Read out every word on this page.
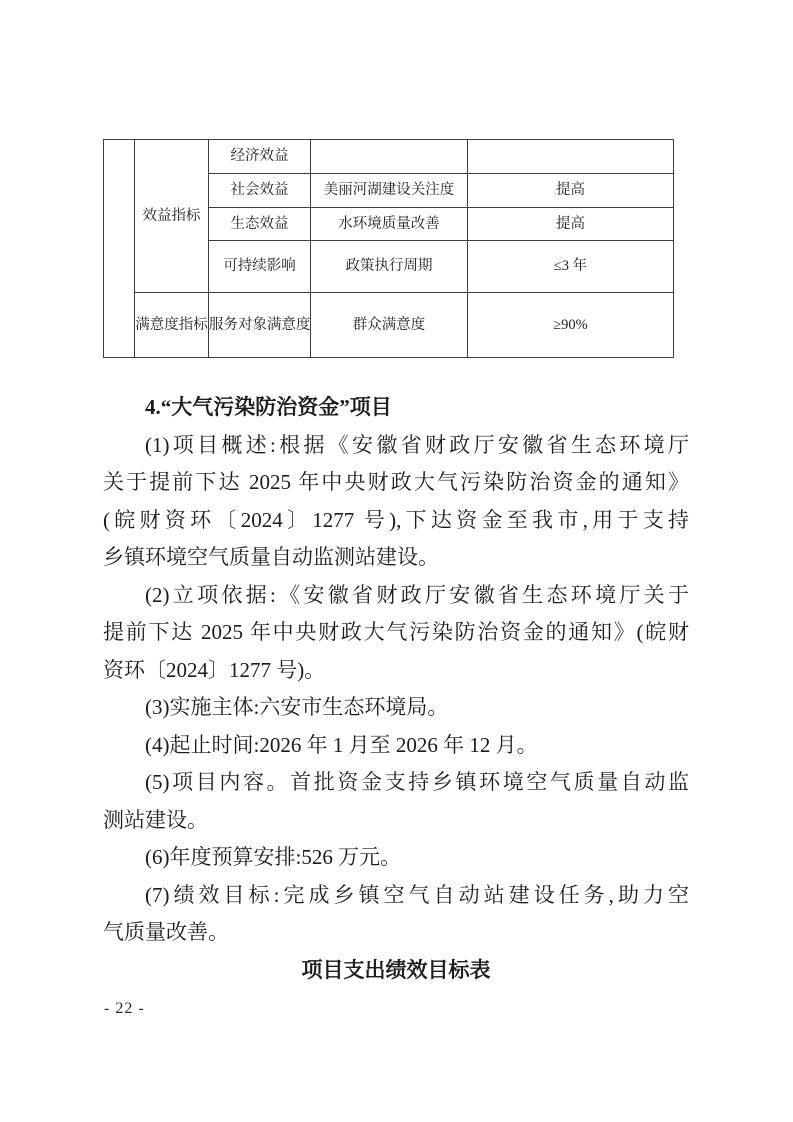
	效益指标	经济效益		
		社会效益	美丽河湖建设关注度	提高
		生态效益	水环境质量改善	提高
		可持续影响	政策执行周期	≤3 年
	满意度指标	服务对象满意度	群众满意度	≥90%
4.“大气污染防治资金”项目
(1)项目概述:根据《安徽省财政厅安徽省生态环境厅
关于提前下达 2025 年中央财政大气污染防治资金的通知》
(皖财资环〔2024〕1277 号),下达资金至我市,用于支持
乡镇环境空气质量自动监测站建设。
(2)立项依据:《安徽省财政厅安徽省生态环境厅关于
提前下达 2025 年中央财政大气污染防治资金的通知》(皖财
资环〔2024〕1277 号)。
(3)实施主体:六安市生态环境局。
(4)起止时间:2026 年 1 月至 2026 年 12 月。
(5)项目内容。首批资金支持乡镇环境空气质量自动监
测站建设。
(6)年度预算安排:526 万元。
(7)绩效目标:完成乡镇空气自动站建设任务,助力空
气质量改善。
项目支出绩效目标表
- 22 -
